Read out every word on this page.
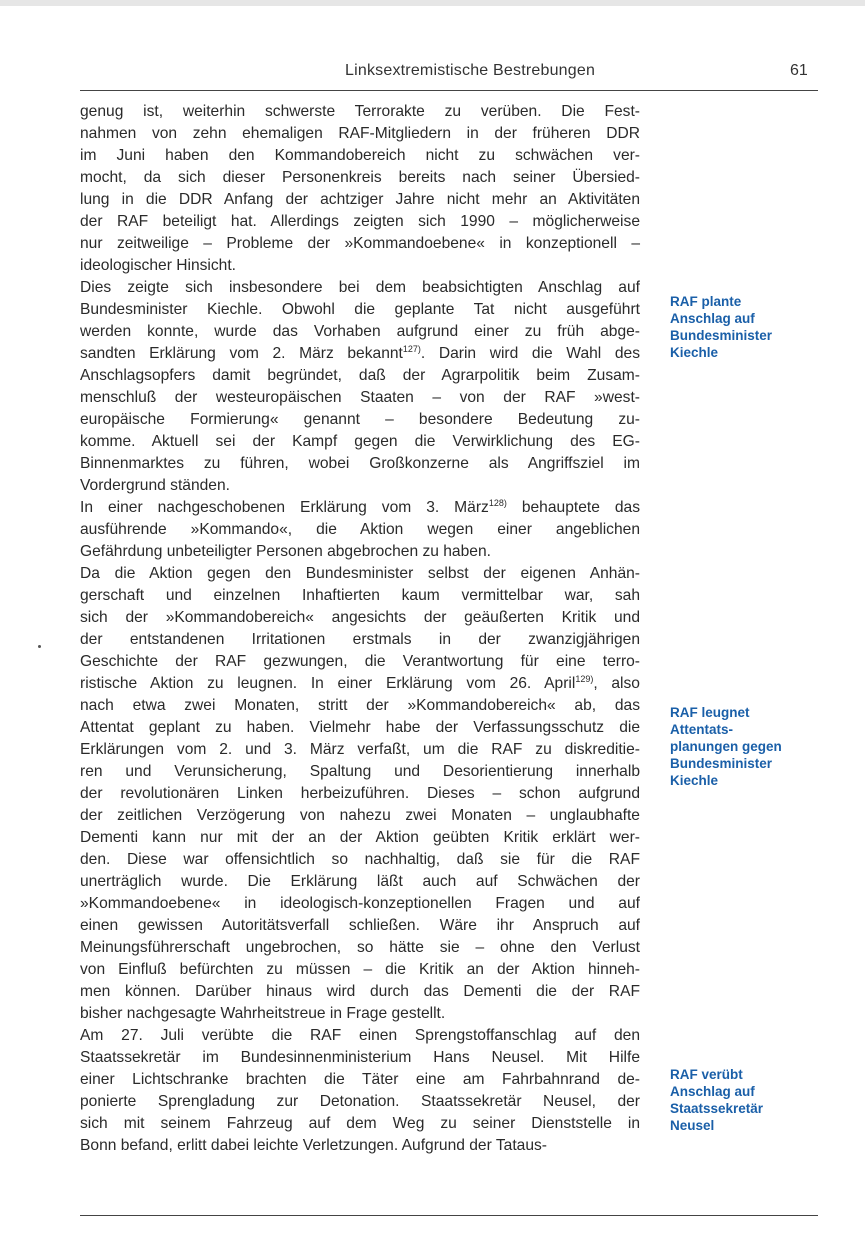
Linksextremistische Bestrebungen	61
genug ist, weiterhin schwerste Terrorakte zu verüben. Die Fest-
nahmen von zehn ehemaligen RAF-Mitgliedern in der früheren DDR
im Juni haben den Kommandobereich nicht zu schwächen ver-
mocht, da sich dieser Personenkreis bereits nach seiner Übersied-
lung in die DDR Anfang der achtziger Jahre nicht mehr an Aktivitäten
der RAF beteiligt hat. Allerdings zeigten sich 1990 – möglicherweise
nur zeitweilige – Probleme der »Kommandoebene« in konzeptionell –
ideologischer Hinsicht.
Dies zeigte sich insbesondere bei dem beabsichtigten Anschlag auf
Bundesminister Kiechle. Obwohl die geplante Tat nicht ausgeführt
werden konnte, wurde das Vorhaben aufgrund einer zu früh abge-
sandten Erklärung vom 2. März bekannt$^{127)}$. Darin wird die Wahl des
Anschlagsopfers damit begründet, daß der Agrarpolitik beim Zusam-
menschluß der westeuropäischen Staaten – von der RAF »west-
europäische Formierung« genannt – besondere Bedeutung zu-
komme. Aktuell sei der Kampf gegen die Verwirklichung des EG-
Binnenmarktes zu führen, wobei Großkonzerne als Angriffsziel im
Vordergrund ständen.
In einer nachgeschobenen Erklärung vom 3. März$^{128)}$ behauptete das
ausführende »Kommando«, die Aktion wegen einer angeblichen
Gefährdung unbeteiligter Personen abgebrochen zu haben.
Da die Aktion gegen den Bundesminister selbst der eigenen Anhän-
gerschaft und einzelnen Inhaftierten kaum vermittelbar war, sah
sich der »Kommandobereich« angesichts der geäußerten Kritik und
der entstandenen Irritationen erstmals in der zwanzigjährigen
Geschichte der RAF gezwungen, die Verantwortung für eine terro-
ristische Aktion zu leugnen. In einer Erklärung vom 26. April$^{129)}$, also
nach etwa zwei Monaten, stritt der »Kommandobereich« ab, das
Attentat geplant zu haben. Vielmehr habe der Verfassungsschutz die
Erklärungen vom 2. und 3. März verfaßt, um die RAF zu diskreditie-
ren und Verunsicherung, Spaltung und Desorientierung innerhalb
der revolutionären Linken herbeizuführen. Dieses – schon aufgrund
der zeitlichen Verzögerung von nahezu zwei Monaten – unglaubhafte
Dementi kann nur mit der an der Aktion geübten Kritik erklärt wer-
den. Diese war offensichtlich so nachhaltig, daß sie für die RAF
unerträglich wurde. Die Erklärung läßt auch auf Schwächen der
»Kommandoebene« in ideologisch-konzeptionellen Fragen und auf
einen gewissen Autoritätsverfall schließen. Wäre ihr Anspruch auf
Meinungsführerschaft ungebrochen, so hätte sie – ohne den Verlust
von Einfluß befürchten zu müssen – die Kritik an der Aktion hinneh-
men können. Darüber hinaus wird durch das Dementi die der RAF
bisher nachgesagte Wahrheitstreue in Frage gestellt.
Am 27. Juli verübte die RAF einen Sprengstoffanschlag auf den
Staatssekretär im Bundesinnenministerium Hans Neusel. Mit Hilfe
einer Lichtschranke brachten die Täter eine am Fahrbahnrand de-
ponierte Sprengladung zur Detonation. Staatssekretär Neusel, der
sich mit seinem Fahrzeug auf dem Weg zu seiner Dienststelle in
Bonn befand, erlitt dabei leichte Verletzungen. Aufgrund der Tataus-
RAF plante
Anschlag auf
Bundesminister
Kiechle
RAF leugnet
Attentats-
planungen gegen
Bundesminister
Kiechle
RAF verübt
Anschlag auf
Staatssekretär
Neusel
